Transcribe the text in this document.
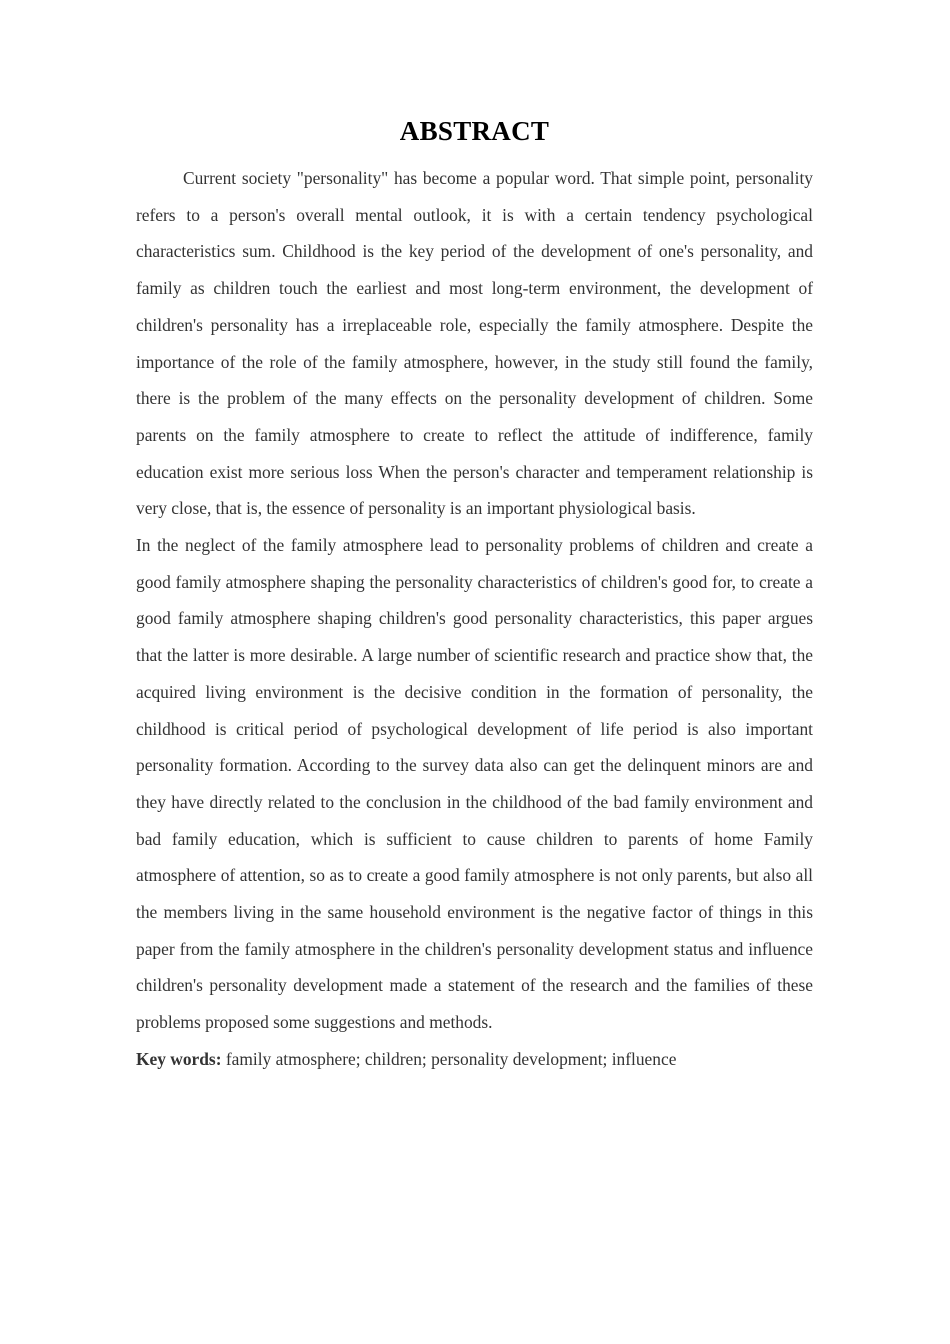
ABSTRACT

Current society "personality" has become a popular word. That simple point, personality refers to a person's overall mental outlook, it is with a certain tendency psychological characteristics sum. Childhood is the key period of the development of one's personality, and family as children touch the earliest and most long-term environment, the development of children's personality has a irreplaceable role, especially the family atmosphere. Despite the importance of the role of the family atmosphere, however, in the study still found the family, there is the problem of the many effects on the personality development of children. Some parents on the family atmosphere to create to reflect the attitude of indifference, family education exist more serious loss When the person's character and temperament relationship is very close, that is, the essence of personality is an important physiological basis.

In the neglect of the family atmosphere lead to personality problems of children and create a good family atmosphere shaping the personality characteristics of children's good for, to create a good family atmosphere shaping children's good personality characteristics, this paper argues that the latter is more desirable. A large number of scientific research and practice show that, the acquired living environment is the decisive condition in the formation of personality, the childhood is critical period of psychological development of life period is also important personality formation. According to the survey data also can get the delinquent minors are and they have directly related to the conclusion in the childhood of the bad family environment and bad family education, which is sufficient to cause children to parents of home Family atmosphere of attention, so as to create a good family atmosphere is not only parents, but also all the members living in the same household environment is the negative factor of things in this paper from the family atmosphere in the children's personality development status and influence children's personality development made a statement of the research and the families of these problems proposed some suggestions and methods.

Key words: family atmosphere; children; personality development; influence
